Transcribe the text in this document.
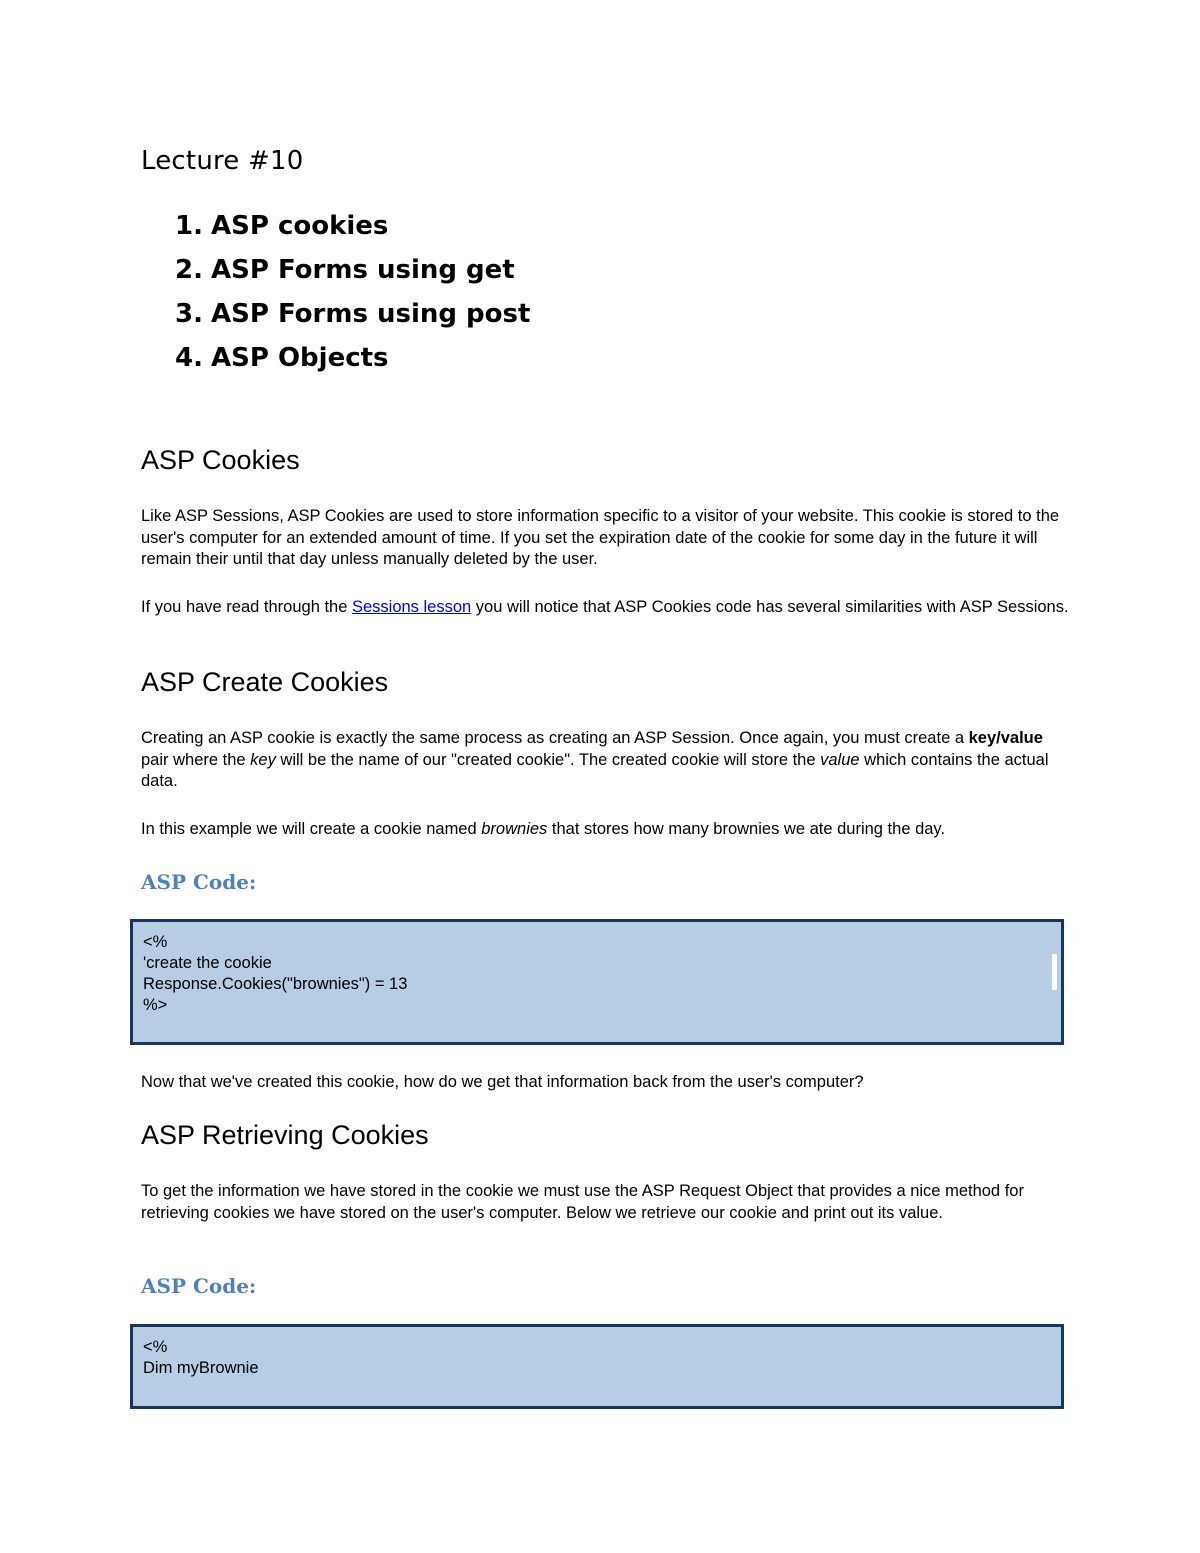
Lecture #10
1. ASP cookies
2. ASP Forms using get
3. ASP Forms using post
4. ASP Objects
ASP Cookies

Like ASP Sessions, ASP Cookies are used to store information specific to a visitor of your website. This cookie is stored to the user's computer for an extended amount of time. If you set the expiration date of the cookie for some day in the future it will remain their until that day unless manually deleted by the user.

If you have read through the Sessions lesson you will notice that ASP Cookies code has several similarities with ASP Sessions.

ASP Create Cookies

Creating an ASP cookie is exactly the same process as creating an ASP Session. Once again, you must create a key/value pair where the key will be the name of our "created cookie". The created cookie will store the value which contains the actual data.

In this example we will create a cookie named brownies that stores how many brownies we ate during the day.

ASP Code:

<%
'create the cookie
Response.Cookies("brownies") = 13
%>

Now that we've created this cookie, how do we get that information back from the user's computer?

ASP Retrieving Cookies

To get the information we have stored in the cookie we must use the ASP Request Object that provides a nice method for retrieving cookies we have stored on the user's computer. Below we retrieve our cookie and print out its value.

ASP Code:

<%
Dim myBrownie
